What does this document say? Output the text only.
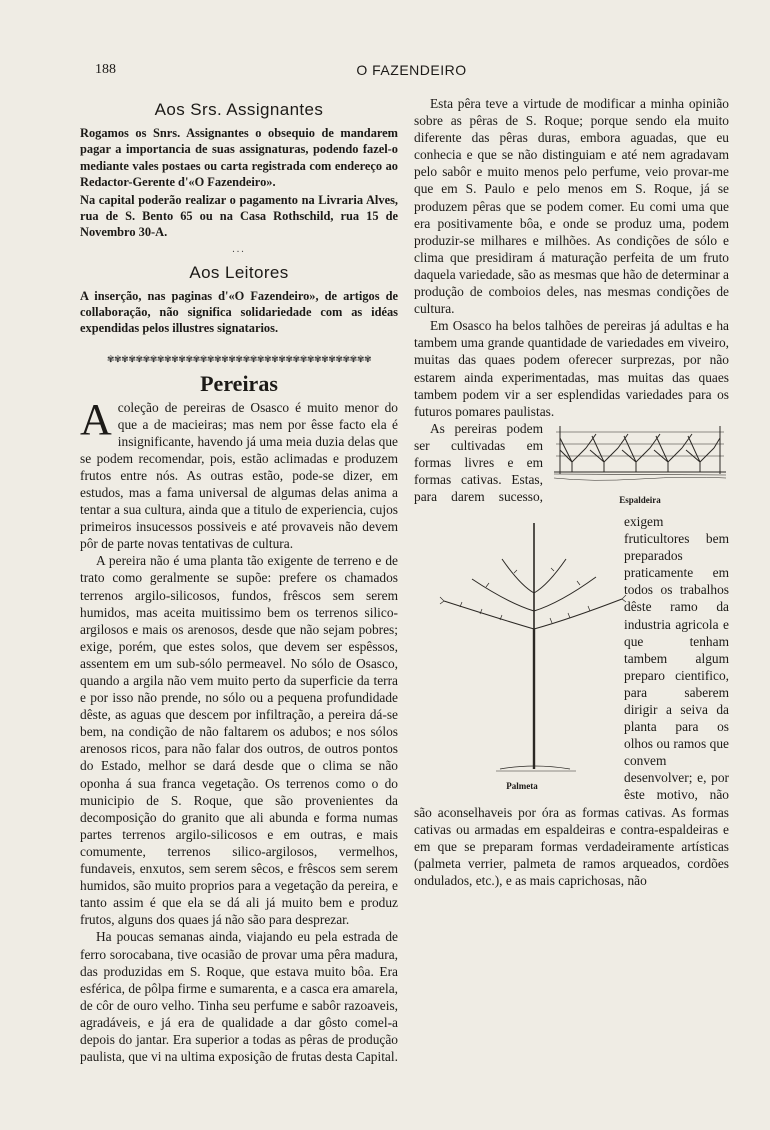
188	O FAZENDEIRO
Aos Srs. Assignantes

Rogamos os Snrs. Assignantes o obsequio de mandarem pagar a importancia de suas assignaturas, podendo fazel-o mediante vales postaes ou carta registrada com endereço ao Redactor-Gerente d'«O Fazendeiro».

Na capital poderão realizar o pagamento na Livraria Alves, rua de S. Bento 65 ou na Casa Rothschild, rua 15 de Novembro 30-A.

...
Aos Leitores

A inserção, nas paginas d'«O Fazendeiro», de artigos de collaboração, não significa solidariedade com as idéas expendidas pelos illustres signatarios.

✾✾✾✾✾✾✾✾✾✾✾✾✾✾✾✾✾✾✾✾✾✾✾✾✾✾✾✾✾✾✾✾✾✾✾✾✾
Pereiras

Acoleção de pereiras de Osasco é muito menor do que a de macieiras; mas nem por êsse facto ela é insignificante, havendo já uma meia duzia delas que se podem recomendar, pois, estão aclimadas e produzem frutos entre nós. As outras estão, pode-se dizer, em estudos, mas a fama universal de algumas delas anima a tentar a sua cultura, ainda que a titulo de experiencia, cujos primeiros insucessos possiveis e até provaveis não devem pôr de parte novas tentativas de cultura.

A pereira não é uma planta tão exigente de terreno e de trato como geralmente se supõe: prefere os chamados terrenos argilo-silicosos, fundos, frêscos sem serem humidos, mas aceita muitissimo bem os terrenos silico-argilosos e mais os arenosos, desde que não sejam pobres; exige, porém, que estes solos, que devem ser espêssos, assentem em um sub-sólo permeavel. No sólo de Osasco, quando a argila não vem muito perto da superficie da terra e por isso não prende, no sólo ou a pequena profundidade dêste, as aguas que descem por infiltração, a pereira dá-se bem, na condição de não faltarem os adubos; e nos sólos arenosos ricos, para não falar dos outros, de outros pontos do Estado, melhor se dará desde que o clima se não oponha á sua franca vegetação. Os terrenos como o do municipio de S. Roque, que são provenientes da decomposição do granito que ali abunda e forma numas partes terrenos argilo-silicosos e em outras, e mais comumente, terrenos silico-argilosos, vermelhos, fundaveis, enxutos, sem serem sêcos, e frêscos sem serem humidos, são muito proprios para a vegetação da pereira, e tanto assim é que ela se dá ali já muito bem e produz frutos, alguns dos quaes já não são para desprezar.

Ha poucas semanas ainda, viajando eu pela estrada de ferro sorocabana, tive ocasião de provar uma pêra madura, das produzidas em S. Roque, que estava muito bôa. Era esférica, de pôlpa firme e sumarenta, e a casca era amarela, de côr de ouro velho. Tinha seu perfume e sabôr razoaveis, agradáveis, e já era de qualidade a dar gôsto comel-a depois do jantar. Era superior a todas as pêras de produção paulista, que vi na ultima exposição de frutas desta Capital.

Esta pêra teve a virtude de modificar a minha opinião sobre as pêras de S. Roque; porque sendo ela muito diferente das pêras duras, embora aguadas, que eu conhecia e que se não distinguiam e até nem agradavam pelo sabôr e muito menos pelo perfume, veio provar-me que em S. Paulo e pelo menos em S. Roque, já se produzem pêras que se podem comer. Eu comi uma que era positivamente bôa, e onde se produz uma, podem produzir-se milhares e milhões. As condições de sólo e clima que presidiram á maturação perfeita de um fruto daquela variedade, são as mesmas que hão de determinar a produção de comboios deles, nas mesmas condições de cultura.

Em Osasco ha belos talhões de pereiras já adultas e ha tambem uma grande quantidade de variedades em viveiro, muitas das quaes podem oferecer surprezas, por não estarem ainda experimentadas, mas muitas das quaes tambem podem vir a ser esplendidas variedades para os futuros pomares paulistas.

Espaldeira

Palmeta
As pereiras podem ser cultivadas em formas livres e em formas cativas. Estas, para darem sucesso, exigem fruticultores bem preparados praticamente em todos os trabalhos dêste ramo da industria agricola e que tenham tambem algum preparo cientifico, para saberem dirigir a seiva da planta para os olhos ou ramos que convem desenvolver; e, por êste motivo, não são aconselhaveis por óra as formas cativas. As formas cativas ou armadas em espaldeiras e contra-espaldeiras e em que se preparam formas verdadeiramente artísticas (palmeta verrier, palmeta de ramos arqueados, cordões ondulados, etc.), e as mais caprichosas, não
